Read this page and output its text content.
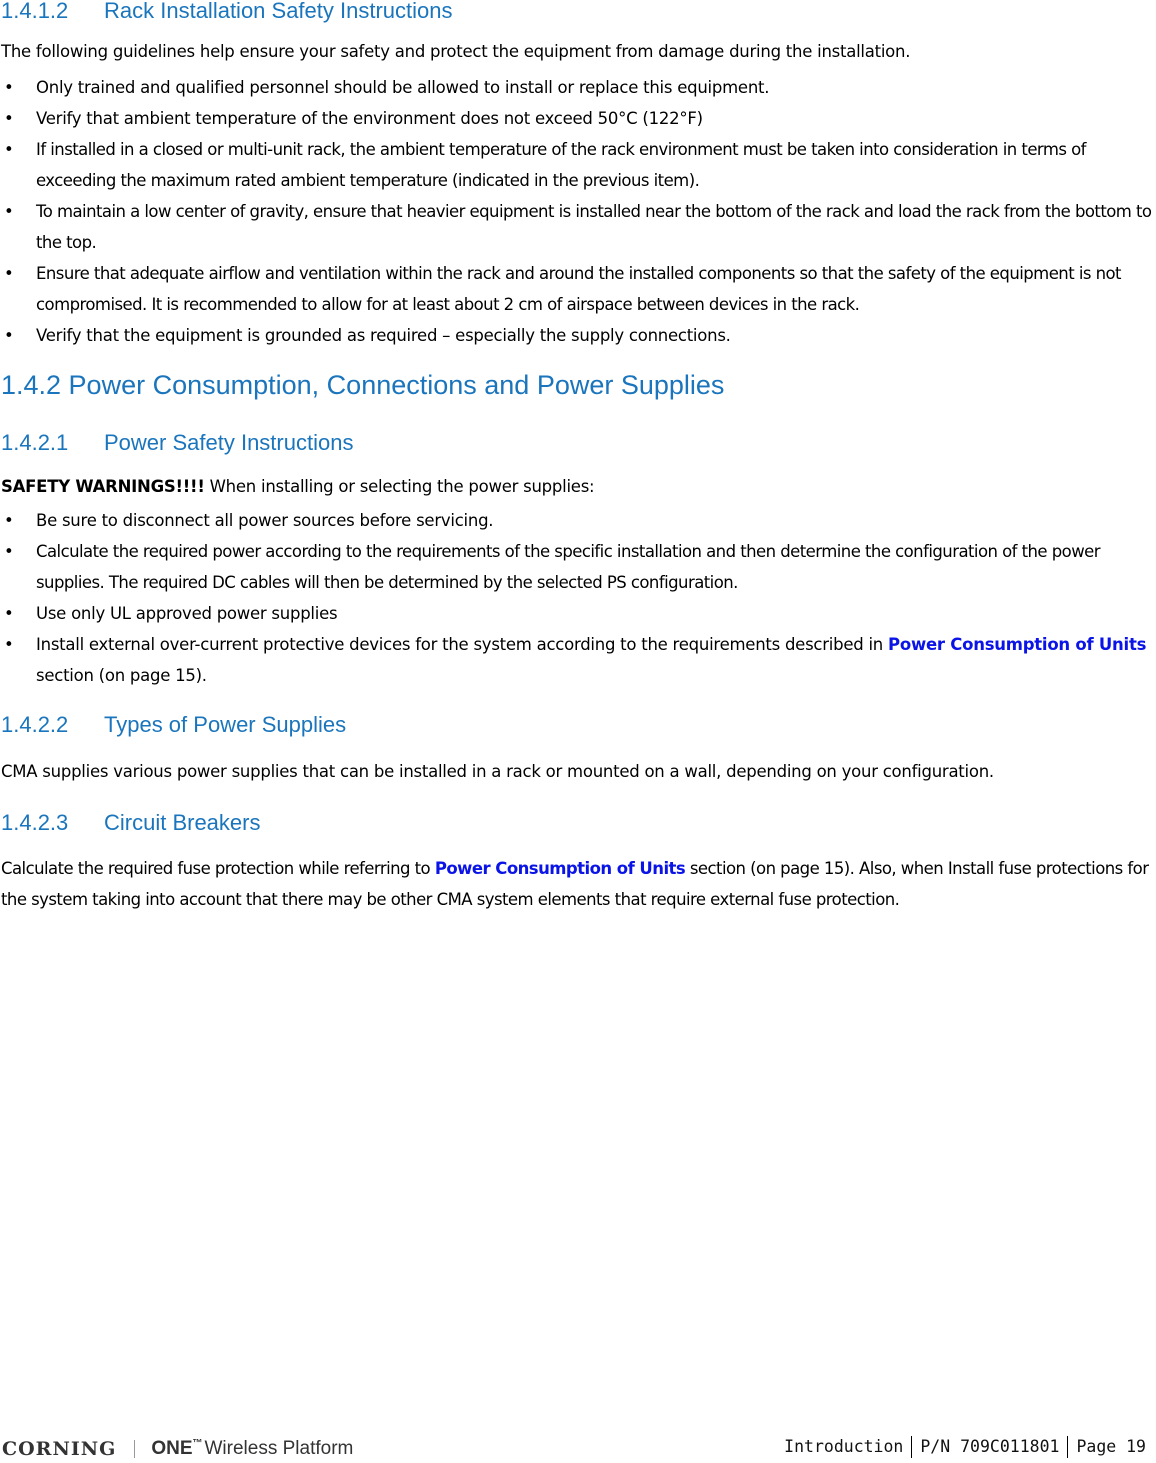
1.4.1.2 Rack Installation Safety Instructions

The following guidelines help ensure your safety and protect the equipment from damage during the installation.

• Only trained and qualified personnel should be allowed to install or replace this equipment.
• Verify that ambient temperature of the environment does not exceed 50°C (122°F)
• If installed in a closed or multi-unit rack, the ambient temperature of the rack environment must be taken into consideration in terms of exceeding the maximum rated ambient temperature (indicated in the previous item).
• To maintain a low center of gravity, ensure that heavier equipment is installed near the bottom of the rack and load the rack from the bottom to the top.
• Ensure that adequate airflow and ventilation within the rack and around the installed components so that the safety of the equipment is not compromised. It is recommended to allow for at least about 2 cm of airspace between devices in the rack.
• Verify that the equipment is grounded as required – especially the supply connections.
1.4.2 Power Consumption, Connections and Power Supplies
1.4.2.1 Power Safety Instructions

SAFETY WARNINGS!!!! When installing or selecting the power supplies:

• Be sure to disconnect all power sources before servicing.
• Calculate the required power according to the requirements of the specific installation and then determine the configuration of the power supplies. The required DC cables will then be determined by the selected PS configuration.
• Use only UL approved power supplies
• Install external over-current protective devices for the system according to the requirements described in Power Consumption of Units section (on page 15).
1.4.2.2 Types of Power Supplies

CMA supplies various power supplies that can be installed in a rack or mounted on a wall, depending on your configuration.

1.4.2.3 Circuit Breakers

Calculate the required fuse protection while referring to Power Consumption of Units section (on page 15). Also, when Install fuse protections for the system taking into account that there may be other CMA system elements that require external fuse protection.

CORNING ONE™ Wireless Platform	Introduction P/N 709C011801 Page 19
